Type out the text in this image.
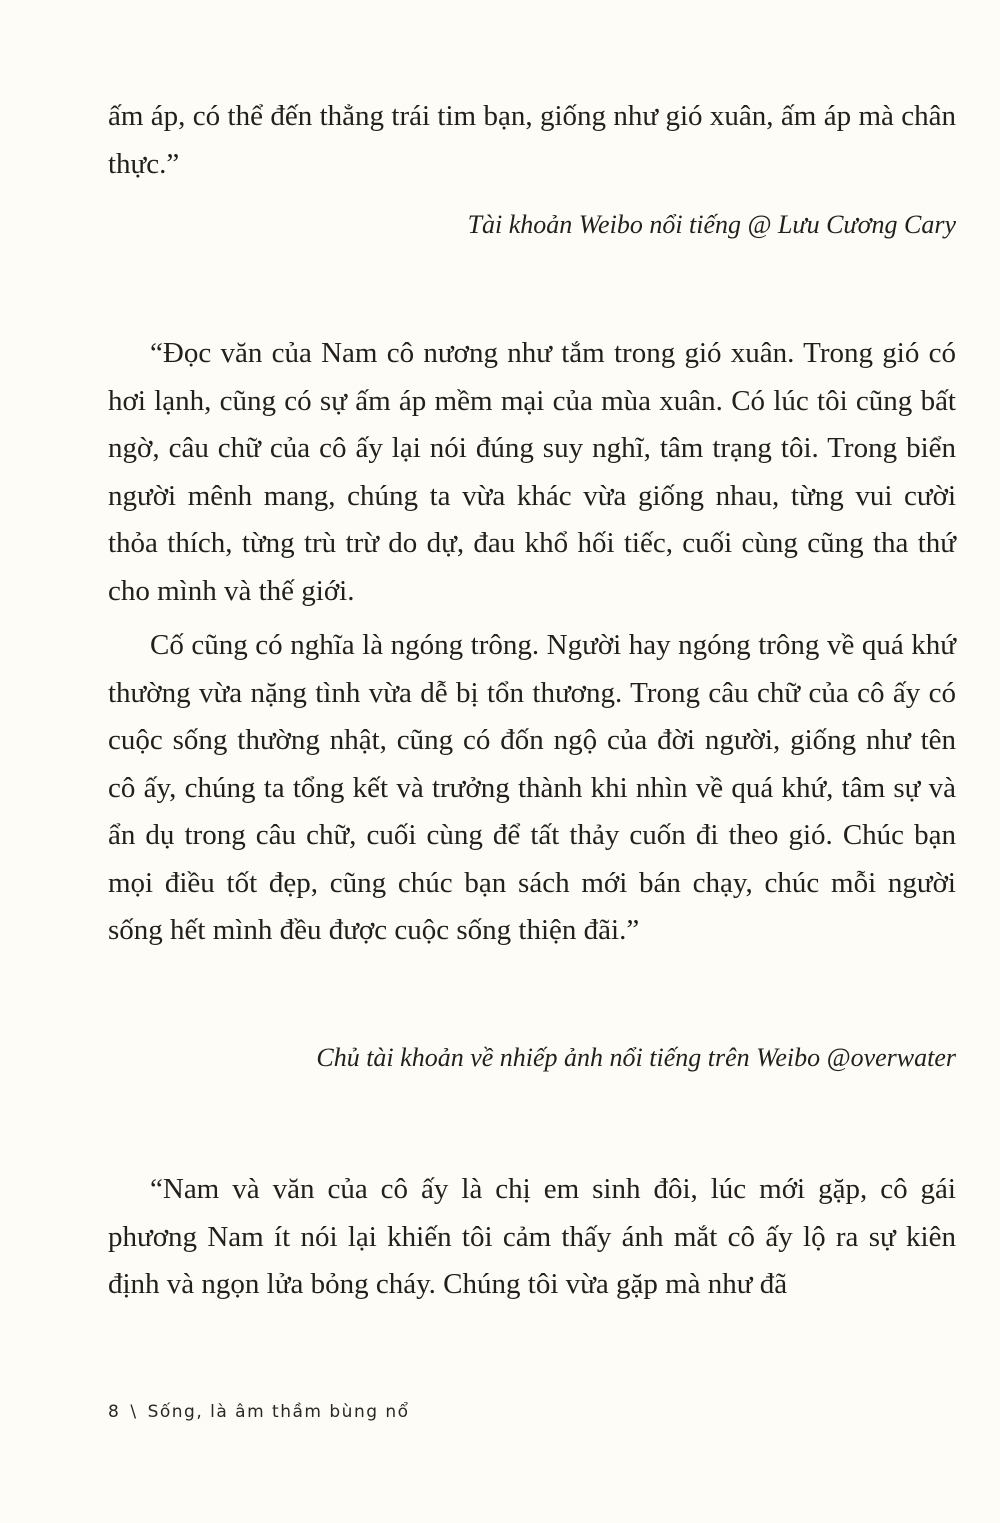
ấm áp, có thể đến thẳng trái tim bạn, giống như gió xuân, ấm áp mà chân thực.”

Tài khoản Weibo nổi tiếng @ Lưu Cương Cary

“Đọc văn của Nam cô nương như tắm trong gió xuân. Trong gió có hơi lạnh, cũng có sự ấm áp mềm mại của mùa xuân. Có lúc tôi cũng bất ngờ, câu chữ của cô ấy lại nói đúng suy nghĩ, tâm trạng tôi. Trong biển người mênh mang, chúng ta vừa khác vừa giống nhau, từng vui cười thỏa thích, từng trù trừ do dự, đau khổ hối tiếc, cuối cùng cũng tha thứ cho mình và thế giới.

Cố cũng có nghĩa là ngóng trông. Người hay ngóng trông về quá khứ thường vừa nặng tình vừa dễ bị tổn thương. Trong câu chữ của cô ấy có cuộc sống thường nhật, cũng có đốn ngộ của đời người, giống như tên cô ấy, chúng ta tổng kết và trưởng thành khi nhìn về quá khứ, tâm sự và ẩn dụ trong câu chữ, cuối cùng để tất thảy cuốn đi theo gió. Chúc bạn mọi điều tốt đẹp, cũng chúc bạn sách mới bán chạy, chúc mỗi người sống hết mình đều được cuộc sống thiện đãi.”

Chủ tài khoản về nhiếp ảnh nổi tiếng trên Weibo @overwater

“Nam và văn của cô ấy là chị em sinh đôi, lúc mới gặp, cô gái phương Nam ít nói lại khiến tôi cảm thấy ánh mắt cô ấy lộ ra sự kiên định và ngọn lửa bỏng cháy. Chúng tôi vừa gặp mà như đã

8 \ Sống, là âm thầm bùng nổ
